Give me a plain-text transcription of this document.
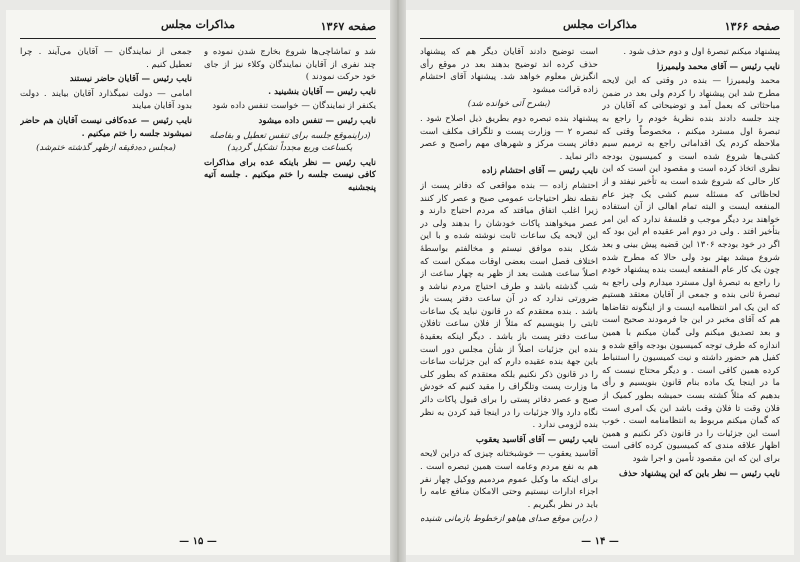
صفحه ۱۳۶۷
مذاکرات مجلس

شد و تماشاچی‌ها شروع بخارج شدن نموده و چند نفری از آقایان نمایندگان وکلاء نیز از جای خود حرکت نمودند )

نایب رئیس — آقایان بنشینید .

یکنفر از نمایندگان — خواست تنفس داده شود

نایب رئیس — تنفس داده میشود

(دراینموقع جلسه برای تنفس تعطیل و بفاصله یکساعت وربع مجدداً تشکیل گردید)

نایب رئیس — نظر باینکه عده برای مذاکرات کافی نیست جلسه را ختم میکنیم . جلسه آتیه پنجشنبه

جمعی از نمایندگان — آقایان می‌آیند . چرا تعطیل کنیم .

نایب رئیس — آقایان حاضر نیستند

امامی — دولت نمیگذارد آقایان بیایند . دولت بدود آقایان میایند

نایب رئیس — عده‌کافی نیست آقایان هم حاضر نمیشوند جلسه را ختم میکنیم .

(مجلس ده‌دقیقه ازظهر گذشته ختم‌شد)

— ۱۵ —
صفحه ۱۳۶۶
مذاکرات مجلس

پیشنهاد میکنم تبصرهٔ اول و دوم حذف شود .

نایب رئیس — آقای محمد ولیمیرزا

محمد ولیمیرزا — بنده در وقتی که این لایحه مطرح شد این پیشنهاد را کردم ولی بعد در ضمن مباحثاتی که بعمل آمد و توضیحاتی که آقایان در چند جلسه دادند بنده نظریهٔ خودم را راجع به تبصرهٔ اول مسترد میکنم ، مخصوصاً وقتی که ملاحظه کردم یک اقداماتی راجع به ترمیم سیم کشی‌ها شروع شده است و کمیسیون بودجه نظری اتخاذ کرده است و مقصود این است که این کار حالی که شروع شده است به تأخیر نیفتد و از لحاظاتی که مسئله سیم کشی یک چیز عام المنفعه ایست و البته تمام اهالی از آن استفاده خواهند برد دیگر موجب و فلسفهٔ ندارد که این امر بتأخیر افتد . ولی در دوم امر عقیده ام این بود که اگر در خود بودجه ۱۳۰۶ این قضیه پیش بینی و بعد شروع میشد بهتر بود ولی حالا که مطرح شده چون یک کار عام المنفعه ایست بنده پیشنهاد خودم را راجع به تبصرهٔ اول مسترد میدارم ولی راجع به تبصرهٔ ثانی بنده و جمعی از آقایان معتقد هستیم که این یک امر انتظامیه ایست و از اینگونه تقاضاها هم که آقای مخبر در این جا فرمودند صحیح است و بعد تصدیق میکنم ولی گمان میکنم با همین اندازه که طرف توجه کمیسیون بودجه واقع شده و کفیل هم حضور داشته و نیت کمیسیون را استنباط کرده همین کافی است . و دیگر محتاج نیست که ما در اینجا یک ماده بنام قانون بنویسیم و رأی بدهیم که مثلاً کشته بست حمیشه بطور کمیک از فلان وقت تا فلان وقت باشد این یک امری است که گمان میکنم مربوط به انتظامنامه است . خوب است این جزئیات را در قانون ذکر نکنیم و همین اظهار علاقه مندی که کمیسیون کرده کافی است برای این که این مقصود تأمین و اجرا شود

نایب رئیس — نظر باین که این پیشنهاد حذف

است توضیح دادند آقایان دیگر هم که پیشنهاد حذف کرده اند توضیح بدهند بعد در موقع رأی انگیزش معلوم خواهد شد. پیشنهاد آقای احتشام زاده قرائت میشود

(بشرح آتی خوانده شد)

پیشنهاد بنده تبصره دوم بطریق ذیل اصلاح شود . تبصره ۲ — وزارت پست و تلگراف مکلف است دفاتر پست مرکز و شهرهای مهم راصبح و عصر دائر نماید .

نایب رئیس — آقای احتشام زاده

احتشام زاده — بنده مواقعی که دفاتر پست از نقطه نظر احتیاجات عمومی صبح و عصر کار کنند زیرا اغلب اتفاق میافتد که مردم احتیاج دارند و عصر میخواهند پاکات خودشان را بدهند ولی در این لایحه یک ساعات ثابت نوشته شده و با این شکل بنده موافق نیستم و مخالفتم بواسطهٔ اختلاف فصل است بعضی اوقات ممکن است که اصلاً ساعت هشت بعد از ظهر به چهار ساعت از شب گذشته باشد و طرف احتیاج مردم نباشد و ضرورتی ندارد که در آن ساعت دفتر پست باز باشد . بنده معتقدم که در قانون نباید یک ساعات ثابتی را بنویسیم که مثلاً از فلان ساعت تافلان ساعت دفتر پست باز باشد . دیگر اینکه بعقیدهٔ بنده این جزئیات اصلاً از شأن مجلس دور است باین جهة بنده عقیده دارم که این جزئیات ساعات را در قانون ذکر نکنیم بلکه معتقدم که بطور کلی ما وزارت پست وتلگراف را مقید کنیم که خودش صبح و عصر دفاتر پستی را برای قبول پاکات دائر نگاه دارد والا جزئیات را در اینجا قید کردن به نظر بنده لزومی ندارد .

نایب رئیس — آقای آقاسید یعقوب

آقاسید یعقوب — خوشبختانه چیزی که دراین لایحه هم به نفع مردم وعامه است همین تبصره است . برای اینکه ما وکیل عموم مردمیم ووکیل چهار نفر اجزاء ادارات نیستیم وحتی الامکان منافع عامه را باید در نظر بگیریم .

( دراین موقع صدای هیاهو ازخطوط بازمانی شنیده

— ۱۴ —
